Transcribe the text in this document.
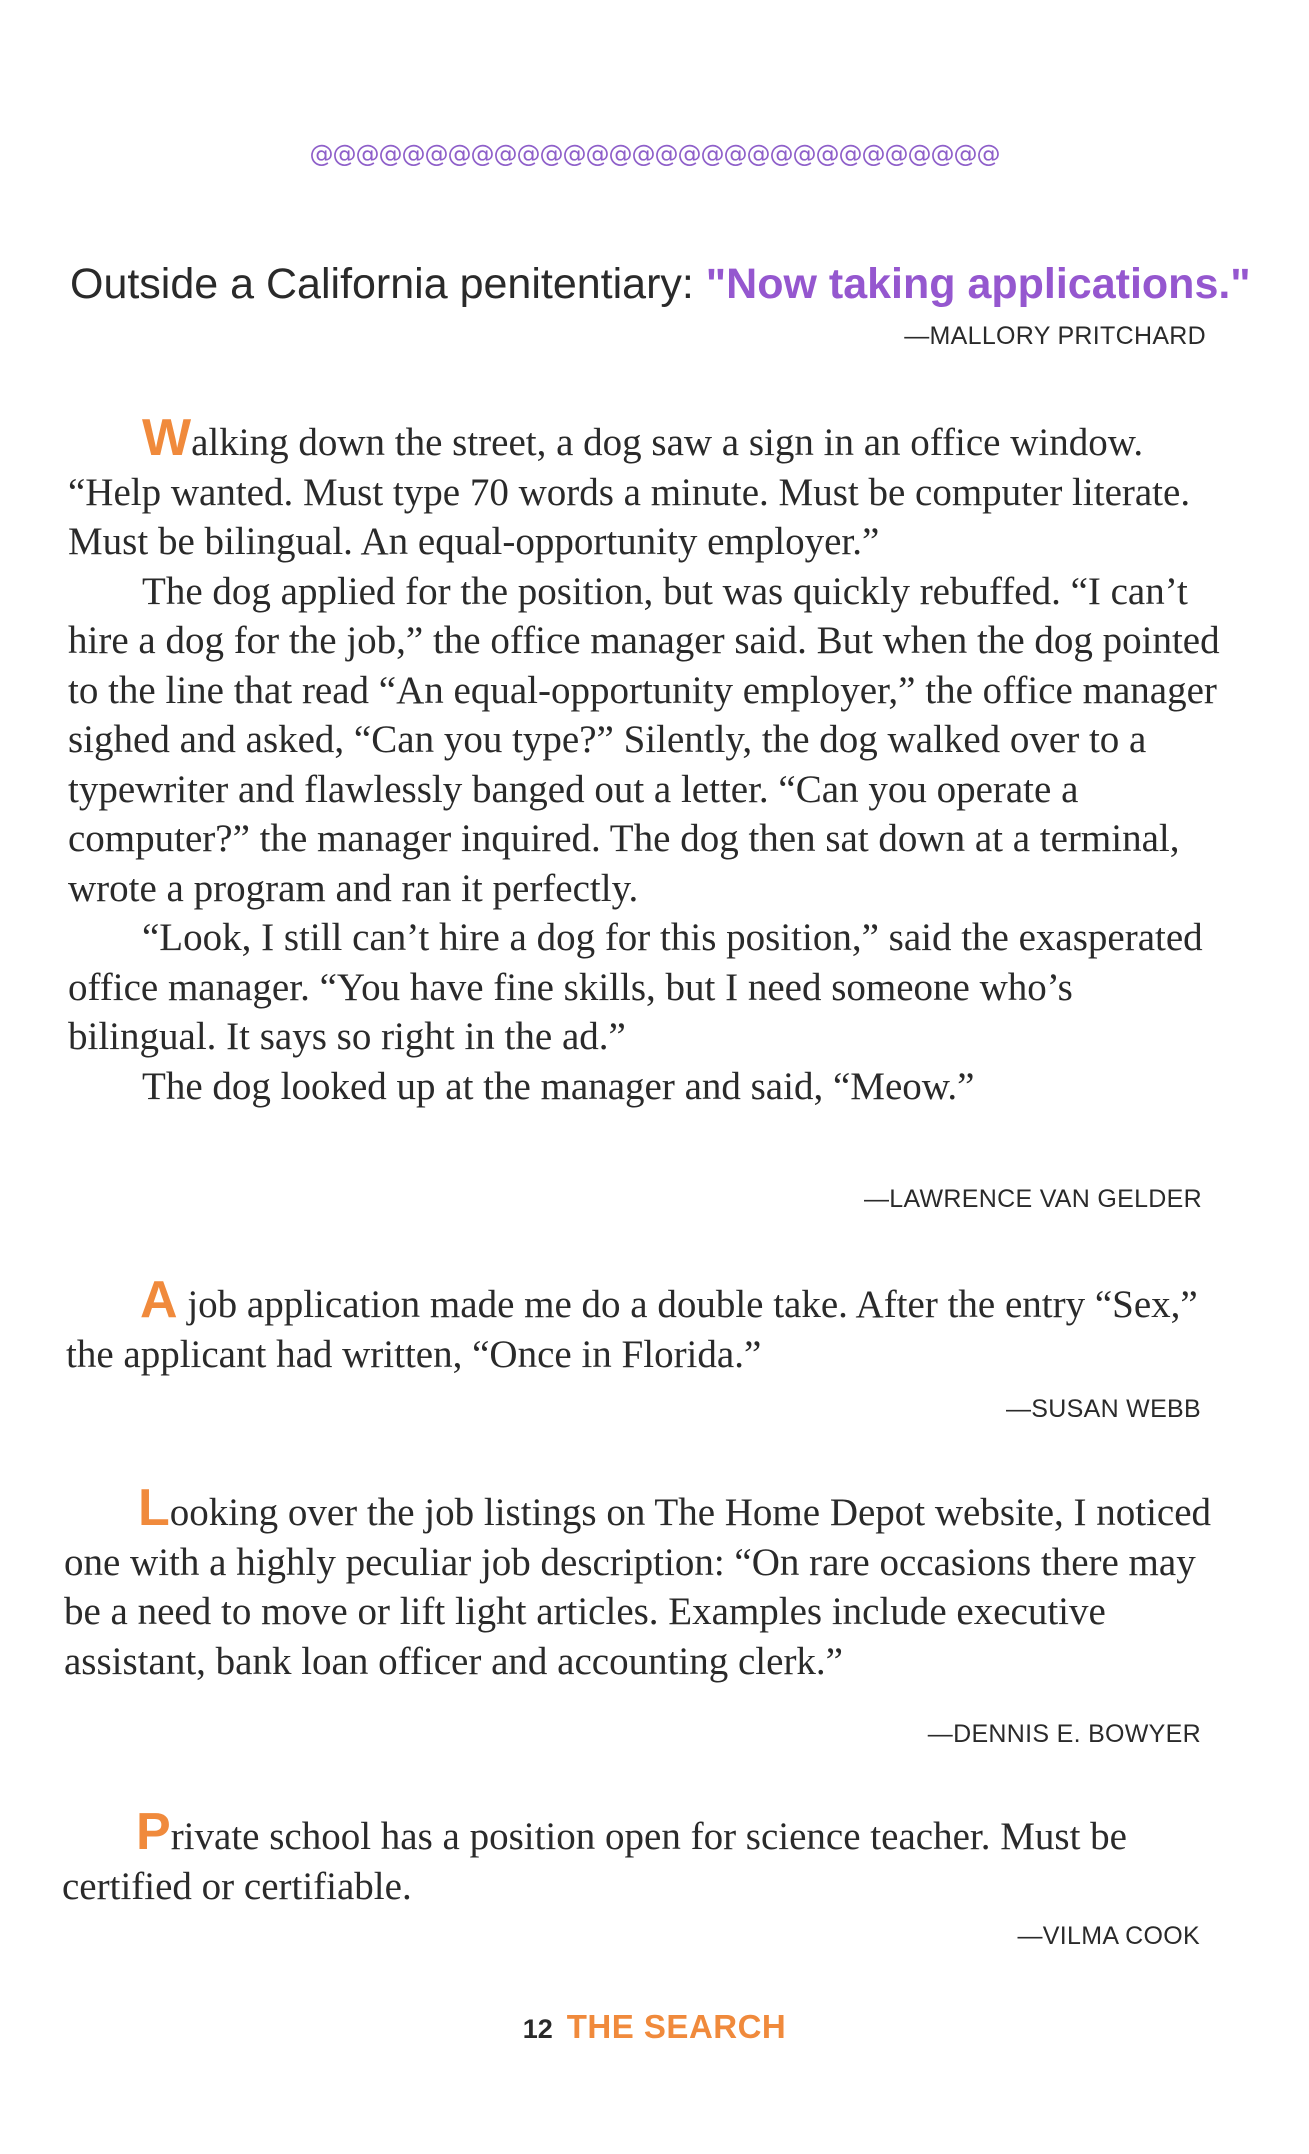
@@@@@@@@@@@@@@@@@@@@@@@@@@@@@@
Outside a California penitentiary: "Now taking applications."
—MALLORY PRITCHARD

Walking down the street, a dog saw a sign in an office window. “Help wanted. Must type 70 words a minute. Must be computer literate. Must be bilingual. An equal-opportunity employer.”

The dog applied for the position, but was quickly rebuffed. “I can’t hire a dog for the job,” the office manager said. But when the dog pointed to the line that read “An equal-opportunity employer,” the office manager sighed and asked, “Can you type?” Silently, the dog walked over to a typewriter and flawlessly banged out a letter. “Can you operate a computer?” the manager inquired. The dog then sat down at a terminal, wrote a program and ran it perfectly.

“Look, I still can’t hire a dog for this position,” said the exasperated office manager. “You have fine skills, but I need someone who’s bilingual. It says so right in the ad.”

The dog looked up at the manager and said, “Meow.”

—LAWRENCE VAN GELDER

A job application made me do a double take. After the entry “Sex,” the applicant had written, “Once in Florida.”

—SUSAN WEBB

Looking over the job listings on The Home Depot website, I noticed one with a highly peculiar job description: “On rare occasions there may be a need to move or lift light articles. Examples include executive assistant, bank loan officer and accounting clerk.”

—DENNIS E. BOWYER

Private school has a position open for science teacher. Must be certified or certifiable.

—VILMA COOK
12 THE SEARCH
